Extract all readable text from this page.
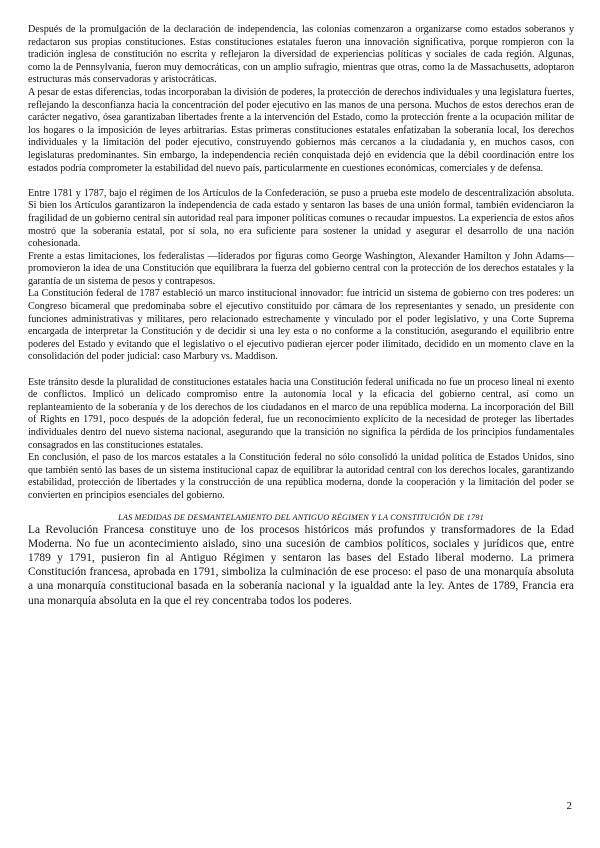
Después de la promulgación de la declaración de independencia, las colonias comenzaron a organizarse como estados soberanos y redactaron sus propias constituciones. Estas constituciones estatales fueron una innovación significativa, porque rompieron con la tradición inglesa de constitución no escrita y reflejaron la diversidad de experiencias políticas y sociales de cada región. Algunas, como la de Pennsylvania, fueron muy democráticas, con un amplio sufragio, mientras que otras, como la de Massachusetts, adoptaron estructuras más conservadoras y aristocráticas.

A pesar de estas diferencias, todas incorporaban la división de poderes, la protección de derechos individuales y una legislatura fuertes, reflejando la desconfianza hacia la concentración del poder ejecutivo en las manos de una persona. Muchos de estos derechos eran de carácter negativo, ósea garantizaban libertades frente a la intervención del Estado, como la protección frente a la ocupación militar de los hogares o la imposición de leyes arbitrarias. Estas primeras constituciones estatales enfatizaban la soberanía local, los derechos individuales y la limitación del poder ejecutivo, construyendo gobiernos más cercanos a la ciudadanía y, en muchos casos, con legislaturas predominantes. Sin embargo, la independencia recién conquistada dejó en evidencia que la débil coordinación entre los estados podría comprometer la estabilidad del nuevo país, particularmente en cuestiones económicas, comerciales y de defensa.

Entre 1781 y 1787, bajo el régimen de los Artículos de la Confederación, se puso a prueba este modelo de descentralización absoluta. Si bien los Artículos garantizaron la independencia de cada estado y sentaron las bases de una unión formal, también evidenciaron la fragilidad de un gobierno central sin autoridad real para imponer políticas comunes o recaudar impuestos. La experiencia de estos años mostró que la soberanía estatal, por sí sola, no era suficiente para sostener la unidad y asegurar el desarrollo de una nación cohesionada.

Frente a estas limitaciones, los federalistas —liderados por figuras como George Washington, Alexander Hamilton y John Adams— promovieron la idea de una Constitución que equilibrara la fuerza del gobierno central con la protección de los derechos estatales y la garantía de un sistema de pesos y contrapesos.

La Constitución federal de 1787 estableció un marco institucional innovador: fue intricid un sistema de gobierno con tres poderes: un Congreso bicameral que predominaba sobre el ejecutivo constituido por cámara de los representantes y senado, un presidente con funciones administrativas y militares, pero relacionado estrechamente y vinculado por el poder legislativo, y una Corte Suprema encargada de interpretar la Constitución y de decidir si una ley esta o no conforme a la constitución, asegurando el equilibrio entre poderes del Estado y evitando que el legislativo o el ejecutivo pudieran ejercer poder ilimitado, decidido en un momento clave en la consolidación del poder judicial: caso Marbury vs. Maddison.

Este tránsito desde la pluralidad de constituciones estatales hacia una Constitución federal unificada no fue un proceso lineal ni exento de conflictos. Implicó un delicado compromiso entre la autonomía local y la eficacia del gobierno central, así como un replanteamiento de la soberanía y de los derechos de los ciudadanos en el marco de una república moderna. La incorporación del Bill of Rights en 1791, poco después de la adopción federal, fue un reconocimiento explícito de la necesidad de proteger las libertades individuales dentro del nuevo sistema nacional, asegurando que la transición no significa la pérdida de los principios fundamentales consagrados en las constituciones estatales.

En conclusión, el paso de los marcos estatales a la Constitución federal no sólo consolidó la unidad política de Estados Unidos, sino que también sentó las bases de un sistema institucional capaz de equilibrar la autoridad central con los derechos locales, garantizando estabilidad, protección de libertades y la construcción de una república moderna, donde la cooperación y la limitación del poder se convierten en principios esenciales del gobierno.

LAS MEDIDAS DE DESMANTELAMIENTO DEL ANTIGUO RÉGIMEN Y LA CONSTITUCIÓN DE 1791

La Revolución Francesa constituye uno de los procesos históricos más profundos y transformadores de la Edad Moderna. No fue un acontecimiento aislado, sino una sucesión de cambios políticos, sociales y jurídicos que, entre 1789 y 1791, pusieron fin al Antiguo Régimen y sentaron las bases del Estado liberal moderno. La primera Constitución francesa, aprobada en 1791, simboliza la culminación de ese proceso: el paso de una monarquía absoluta a una monarquía constitucional basada en la soberanía nacional y la igualdad ante la ley. Antes de 1789, Francia era una monarquía absoluta en la que el rey concentraba todos los poderes.

2
